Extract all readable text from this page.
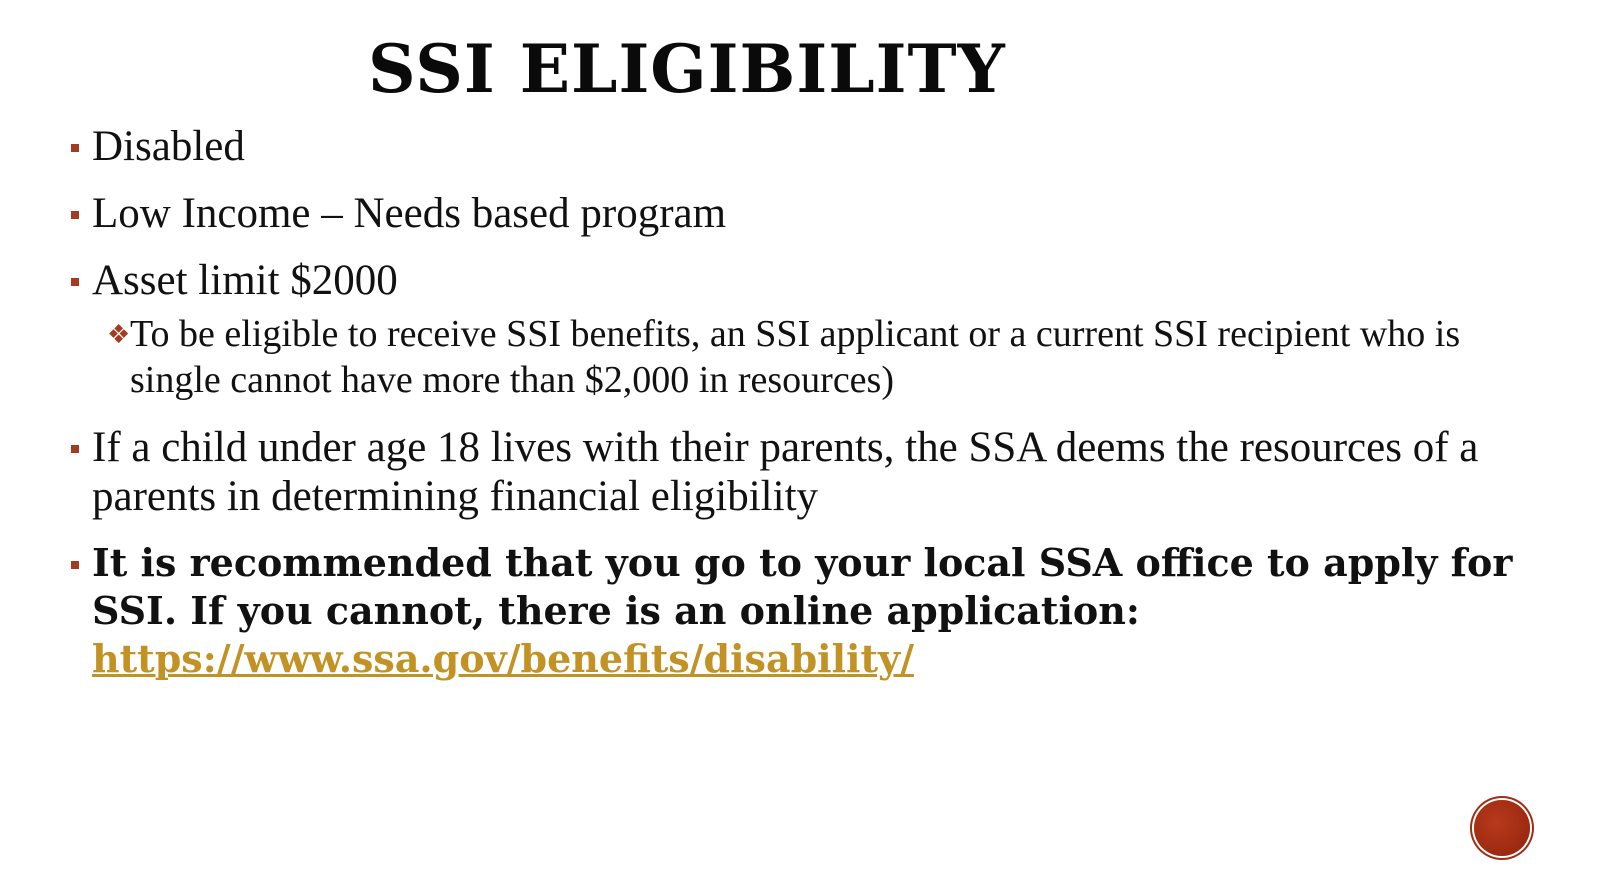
SSI ELIGIBILITY
Disabled
Low Income – Needs based program
Asset limit $2000
❖ To be eligible to receive SSI benefits, an SSI applicant or a current SSI recipient who is single cannot have more than $2,000 in resources)
If a child under age 18 lives with their parents, the SSA deems the resources of a parents in determining financial eligibility
It is recommended that you go to your local SSA office to apply for SSI. If you cannot, there is an online application: https://www.ssa.gov/benefits/disability/
